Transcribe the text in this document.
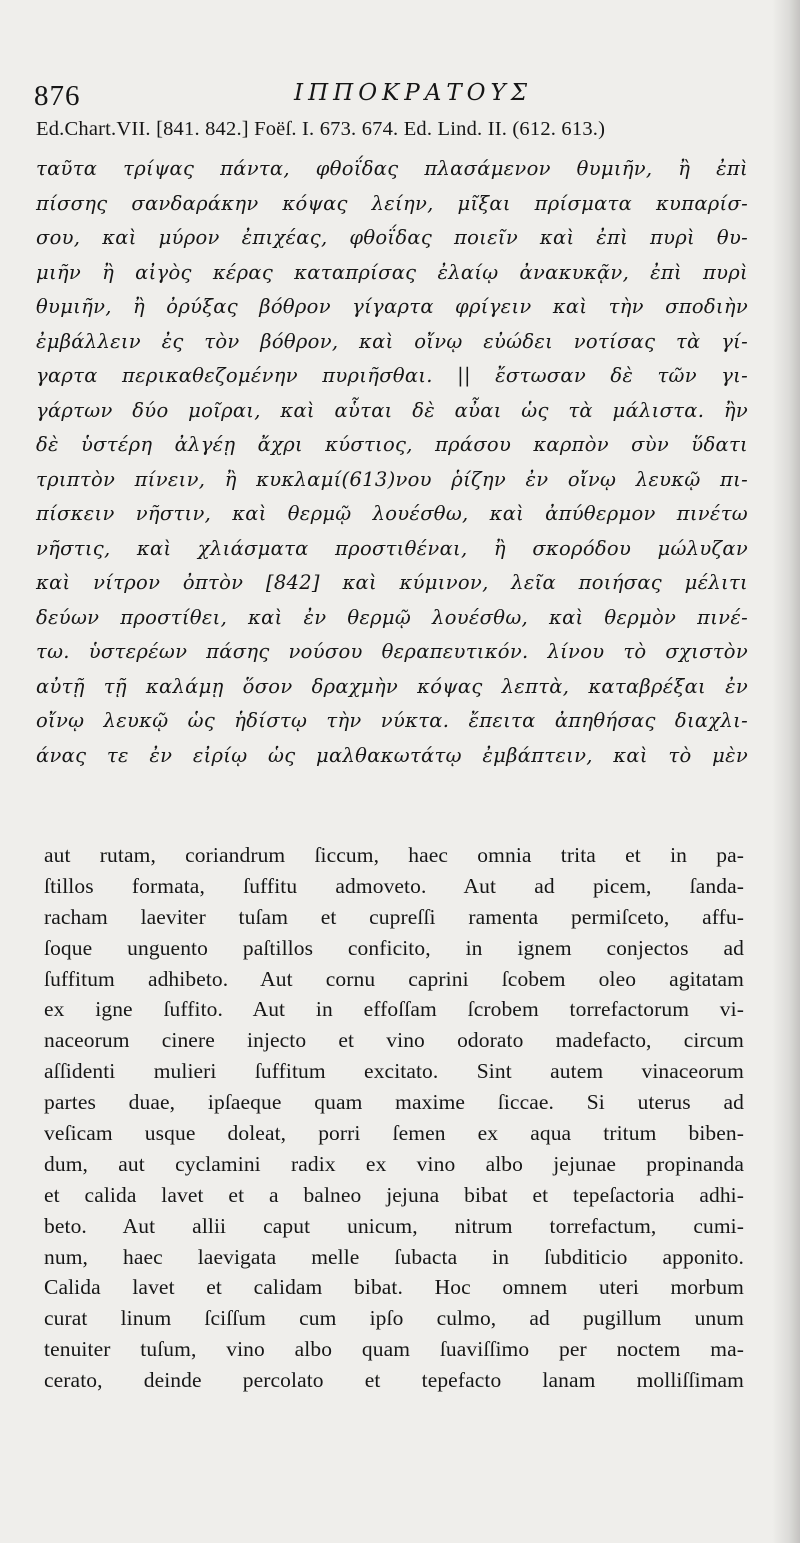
876	ΙΠΠΟΚΡΑΤΟΥΣ
Ed.Chart.VII. [841. 842.] Foëſ. I. 673. 674. Ed. Lind. II. (612. 613.)
ταῦτα τρίψας πάντα, φθοΐδας πλασάμενον θυμιῆν, ἢ ἐπὶ
πίσσης σανδαράκην κόψας λείην, μῖξαι πρίσματα κυπαρίσ-
σου, καὶ μύρον ἐπιχέας, φθοΐδας ποιεῖν καὶ ἐπὶ πυρὶ θυ-
μιῆν ἢ αἰγὸς κέρας καταπρίσας ἐλαίῳ ἀνακυκᾷν, ἐπὶ πυρὶ
θυμιῆν, ἢ ὀρύξας βόθρον γίγαρτα φρίγειν καὶ τὴν σποδιὴν
ἐμβάλλειν ἐς τὸν βόθρον, καὶ οἴνῳ εὐώδει νοτίσας τὰ γί-
γαρτα περικαθεζομένην πυριῆσθαι. || ἔστωσαν δὲ τῶν γι-
γάρτων δύο μοῖραι, καὶ αὗται δὲ αὖαι ὡς τὰ μάλιστα. ἢν
δὲ ὑστέρη ἀλγέῃ ἄχρι κύστιος, πράσου καρπὸν σὺν ὕδατι
τριπτὸν πίνειν, ἢ κυκλαμί(613)νου ῥίζην ἐν οἴνῳ λευκῷ πι-
πίσκειν νῆστιν, καὶ θερμῷ λουέσθω, καὶ ἀπύθερμον πινέτω
νῆστις, καὶ χλιάσματα προστιθέναι, ἢ σκορόδου μώλυζαν
καὶ νίτρον ὀπτὸν [842] καὶ κύμινον, λεῖα ποιήσας μέλιτι
δεύων προστίθει, καὶ ἐν θερμῷ λουέσθω, καὶ θερμὸν πινέ-
τω. ὑστερέων πάσης νούσου θεραπευτικόν. λίνου τὸ σχιστὸν
αὐτῇ τῇ καλάμῃ ὅσον δραχμὴν κόψας λεπτὰ, καταβρέξαι ἐν
οἴνῳ λευκῷ ὡς ἡδίστῳ τὴν νύκτα. ἔπειτα ἀπηθήσας διαχλι-
άνας τε ἐν εἰρίῳ ὡς μαλθακωτάτῳ ἐμβάπτειν, καὶ τὸ μὲν
aut rutam, coriandrum ſiccum, haec omnia trita et in pa-
ſtillos formata, ſuffitu admoveto. Aut ad picem, ſanda-
racham laeviter tuſam et cupreſſi ramenta permiſceto, affu-
ſoque unguento paſtillos conficito, in ignem conjectos ad
ſuffitum adhibeto. Aut cornu caprini ſcobem oleo agitatam
ex igne ſuffito. Aut in effoſſam ſcrobem torrefactorum vi-
naceorum cinere injecto et vino odorato madefacto, circum
aſſidenti mulieri ſuffitum excitato. Sint autem vinaceorum
partes duae, ipſaeque quam maxime ſiccae. Si uterus ad
veſicam usque doleat, porri ſemen ex aqua tritum biben-
dum, aut cyclamini radix ex vino albo jejunae propinanda
et calida lavet et a balneo jejuna bibat et tepeſactoria adhi-
beto. Aut allii caput unicum, nitrum torrefactum, cumi-
num, haec laevigata melle ſubacta in ſubditicio apponito.
Calida lavet et calidam bibat. Hoc omnem uteri morbum
curat linum ſciſſum cum ipſo culmo, ad pugillum unum
tenuiter tuſum, vino albo quam ſuaviſſimo per noctem ma-
cerato, deinde percolato et tepefacto lanam molliſſimam
